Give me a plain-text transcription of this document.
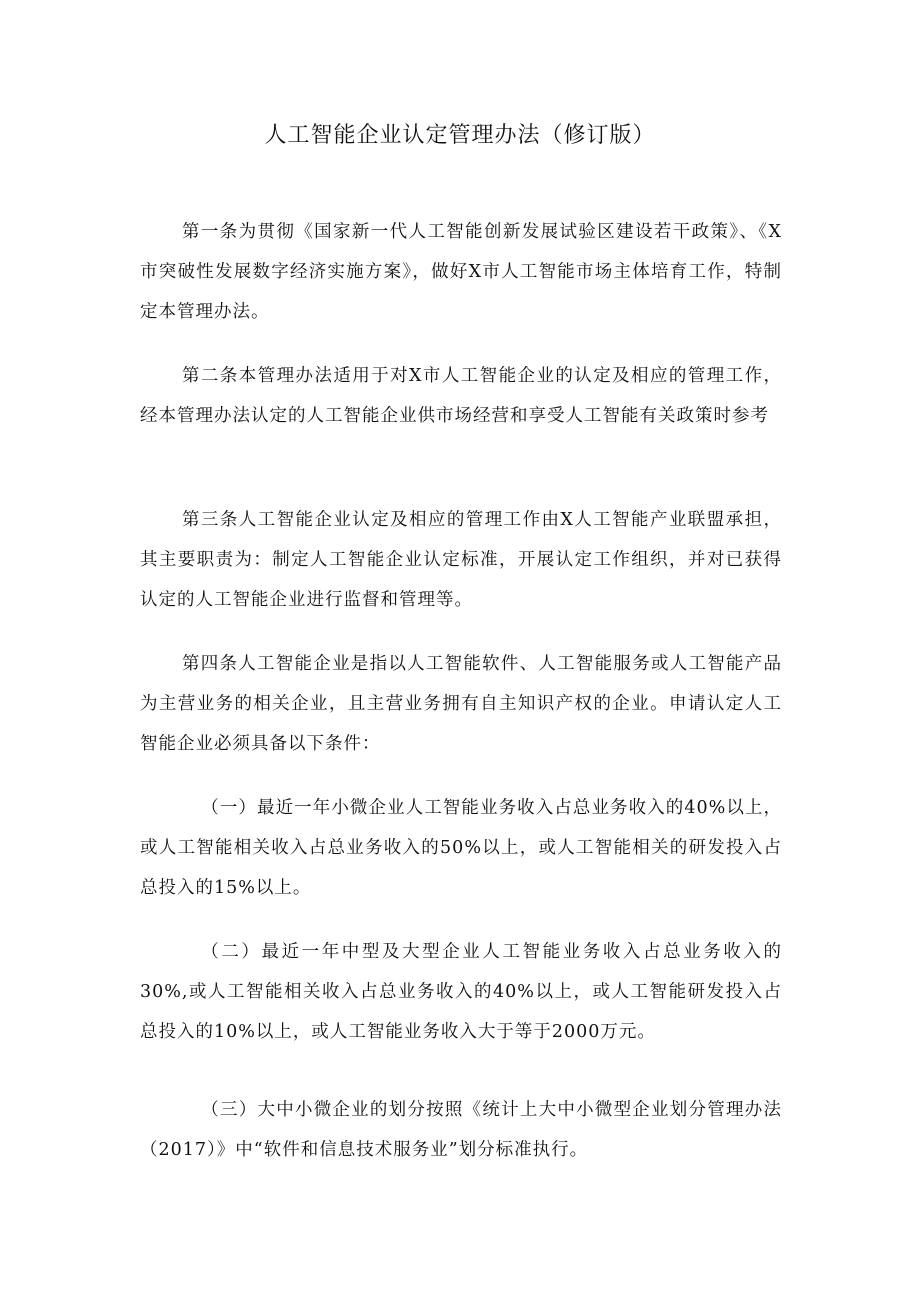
人工智能企业认定管理办法（修订版）

第一条为贯彻《国家新一代人工智能创新发展试验区建设若干政策》、《X市突破性发展数字经济实施方案》，做好X市人工智能市场主体培育工作，特制定本管理办法。

第二条本管理办法适用于对X市人工智能企业的认定及相应的管理工作，经本管理办法认定的人工智能企业供市场经营和享受人工智能有关政策时参考

第三条人工智能企业认定及相应的管理工作由X人工智能产业联盟承担，其主要职责为：制定人工智能企业认定标准，开展认定工作组织，并对已获得认定的人工智能企业进行监督和管理等。

第四条人工智能企业是指以人工智能软件、人工智能服务或人工智能产品为主营业务的相关企业，且主营业务拥有自主知识产权的企业。申请认定人工智能企业必须具备以下条件：

（一）最近一年小微企业人工智能业务收入占总业务收入的40%以上，或人工智能相关收入占总业务收入的50%以上，或人工智能相关的研发投入占总投入的15%以上。

（二）最近一年中型及大型企业人工智能业务收入占总业务收入的30%,或人工智能相关收入占总业务收入的40%以上，或人工智能研发投入占总投入的10%以上，或人工智能业务收入大于等于2000万元。

（三）大中小微企业的划分按照《统计上大中小微型企业划分管理办法（2017）》中“软件和信息技术服务业”划分标准执行。
